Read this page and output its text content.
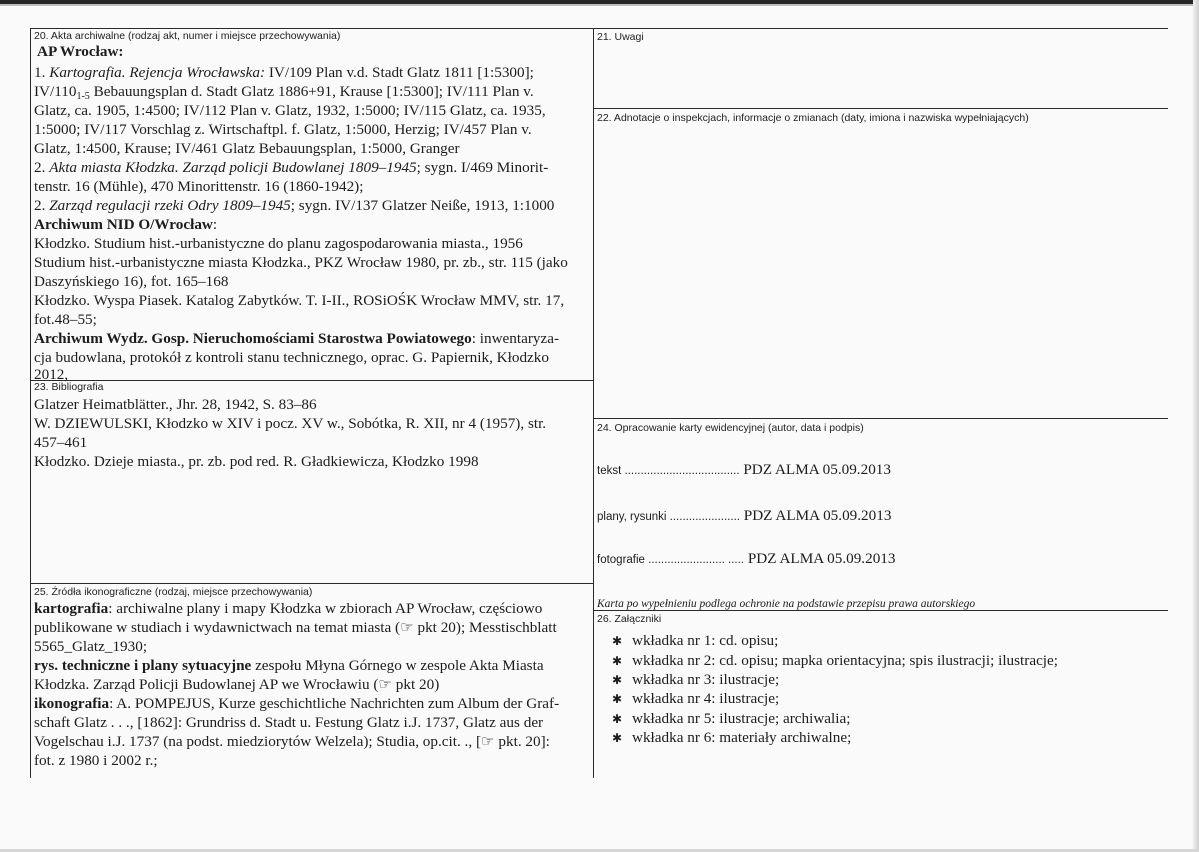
20. Akta archiwalne (rodzaj akt, numer i miejsce przechowywania)
AP Wrocław:
1. Kartografia. Rejencja Wrocławska: IV/109 Plan v.d. Stadt Glatz 1811 [1:5300];
$IV/110_{1-5}$ Bebauungsplan d. Stadt Glatz 1886+91, Krause [1:5300]; IV/111 Plan v.
Glatz, ca. 1905, 1:4500; IV/112 Plan v. Glatz, 1932, 1:5000; IV/115 Glatz, ca. 1935,
1:5000; IV/117 Vorschlag z. Wirtschaftpl. f. Glatz, 1:5000, Herzig; IV/457 Plan v.
Glatz, 1:4500, Krause; IV/461 Glatz Bebauungsplan, 1:5000, Granger
2. Akta miasta Kłodzka. Zarząd policji Budowlanej 1809–1945; sygn. I/469 Minorit-
tenstr. 16 (Mühle), 470 Minorittenstr. 16 (1860-1942);
2. Zarząd regulacji rzeki Odry 1809–1945; sygn. IV/137 Glatzer Neiße, 1913, 1:1000
Archiwum NID O/Wrocław:
Kłodzko. Studium hist.-urbanistyczne do planu zagospodarowania miasta., 1956
Studium hist.-urbanistyczne miasta Kłodzka., PKZ Wrocław 1980, pr. zb., str. 115 (jako
Daszyńskiego 16), fot. 165–168
Kłodzko. Wyspa Piasek. Katalog Zabytków. T. I-II., ROSiOŚK Wrocław MMV, str. 17,
fot.48–55;
Archiwum Wydz. Gosp. Nieruchomościami Starostwa Powiatowego: inwentaryza-
cja budowlana, protokół z kontroli stanu technicznego, oprac. G. Papiernik, Kłodzko
2012,
21. Uwagi
22. Adnotacje o inspekcjach, informacje o zmianach (daty, imiona i nazwiska wypełniających)
23. Bibliografia
Glatzer Heimatblätter., Jhr. 28, 1942, S. 83–86
W. DZIEWULSKI, Kłodzko w XIV i pocz. XV w., Sobótka, R. XII, nr 4 (1957), str.
457–461
Kłodzko. Dzieje miasta., pr. zb. pod red. R. Gładkiewicza, Kłodzko 1998
24. Opracowanie karty ewidencyjnej (autor, data i podpis)
tekst .................................... PDZ ALMA 05.09.2013
plany, rysunki ...................... PDZ ALMA 05.09.2013
fotografie ........................ ..... PDZ ALMA 05.09.2013
25. Źródła ikonograficzne (rodzaj, miejsce przechowywania)
kartografia: archiwalne plany i mapy Kłodzka w zbiorach AP Wrocław, częściowo
publikowane w studiach i wydawnictwach na temat miasta (☞ pkt 20); Messtischblatt
5565_Glatz_1930;
rys. techniczne i plany sytuacyjne zespołu Młyna Górnego w zespole Akta Miasta
Kłodzka. Zarząd Policji Budowlanej AP we Wrocławiu (☞ pkt 20)
ikonografia: A. POMPEJUS, Kurze geschichtliche Nachrichten zum Album der Graf-
schaft Glatz . . ., [1862]: Grundriss d. Stadt u. Festung Glatz i.J. 1737, Glatz aus der
Vogelschau i.J. 1737 (na podst. miedziorytów Welzela); Studia, op.cit. ., [☞ pkt. 20]:
fot. z 1980 i 2002 r.;
Karta po wypełnieniu podlega ochronie na podstawie przepisu prawa autorskiego
26. Załączniki
✱ wkładka nr 1: cd. opisu;
✱ wkładka nr 2: cd. opisu; mapka orientacyjna; spis ilustracji; ilustracje;
✱ wkładka nr 3: ilustracje;
✱ wkładka nr 4: ilustracje;
✱ wkładka nr 5: ilustracje; archiwalia;
✱ wkładka nr 6: materiały archiwalne;
